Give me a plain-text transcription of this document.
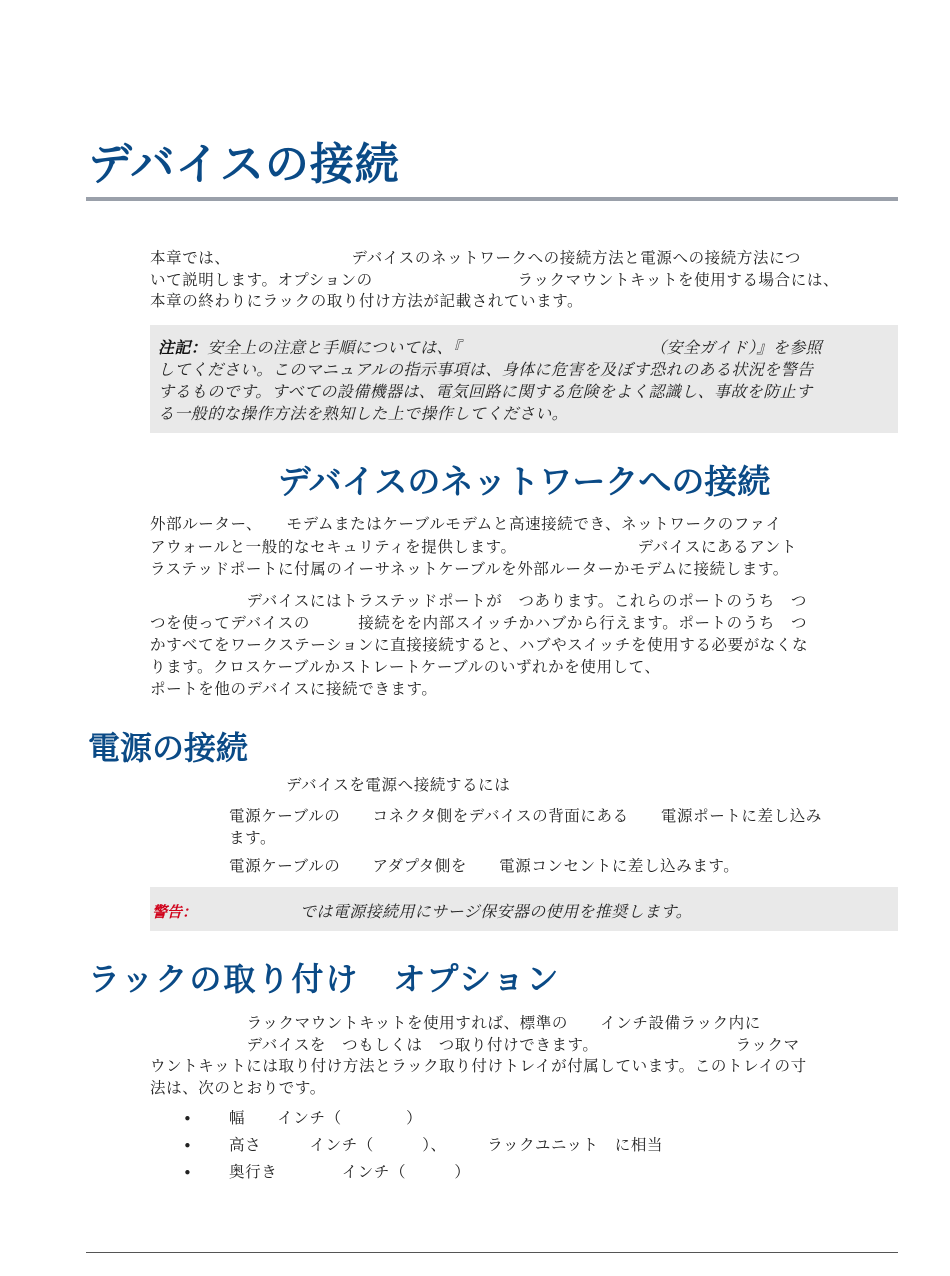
デバイスの接続
本章では、　　　　　　　　デバイスのネットワークへの接続方法と電源への接続方法につ
いて説明します。オプションの　　　　　　　　　ラックマウントキットを使用する場合には、
本章の終わりにラックの取り付け方法が記載されています。
注記：安全上の注意と手順については、『　　　　　　　　　　　　（安全ガイド）』を参照
してください。このマニュアルの指示事項は、身体に危害を及ぼす恐れのある状況を警告
するものです。すべての設備機器は、電気回路に関する危険をよく認識し、事故を防止す
る一般的な操作方法を熟知した上で操作してください。
デバイスのネットワークへの接続
外部ルーター、　　モデムまたはケーブルモデムと高速接続でき、ネットワークのファイ
アウォールと一般的なセキュリティを提供します。　　　　　　　　デバイスにあるアント
ラステッドポートに付属のイーサネットケーブルを外部ルーターかモデムに接続します。
　　　　　　デバイスにはトラステッドポートが　つあります。これらのポートのうち　つ
つを使ってデバイスの　　　接続をを内部スイッチかハブから行えます。ポートのうち　つ
かすべてをワークステーションに直接接続すると、ハブやスイッチを使用する必要がなくな
ります。クロスケーブルかストレートケーブルのいずれかを使用して、
ポートを他のデバイスに接続できます。
電源の接続
デバイスを電源へ接続するには
電源ケーブルの　　コネクタ側をデバイスの背面にある　　電源ポートに差し込み
ます。
電源ケーブルの　　アダプタ側を　　電源コンセントに差し込みます。
警告：	では電源接続用にサージ保安器の使用を推奨します。
ラックの取り付け　オプション
　　　　　　ラックマウントキットを使用すれば、標準の　　インチ設備ラック内に
　　　　　　デバイスを　つもしくは　つ取り付けできます。　　　　　　　　　ラックマ
ウントキットには取り付け方法とラック取り付けトレイが付属しています。このトレイの寸
法は、次のとおりです。
• 幅　　インチ（　　　　）
• 高さ　　　インチ（　　　）、　　　ラックユニット　に相当
• 奥行き　　　　インチ（　　　）
